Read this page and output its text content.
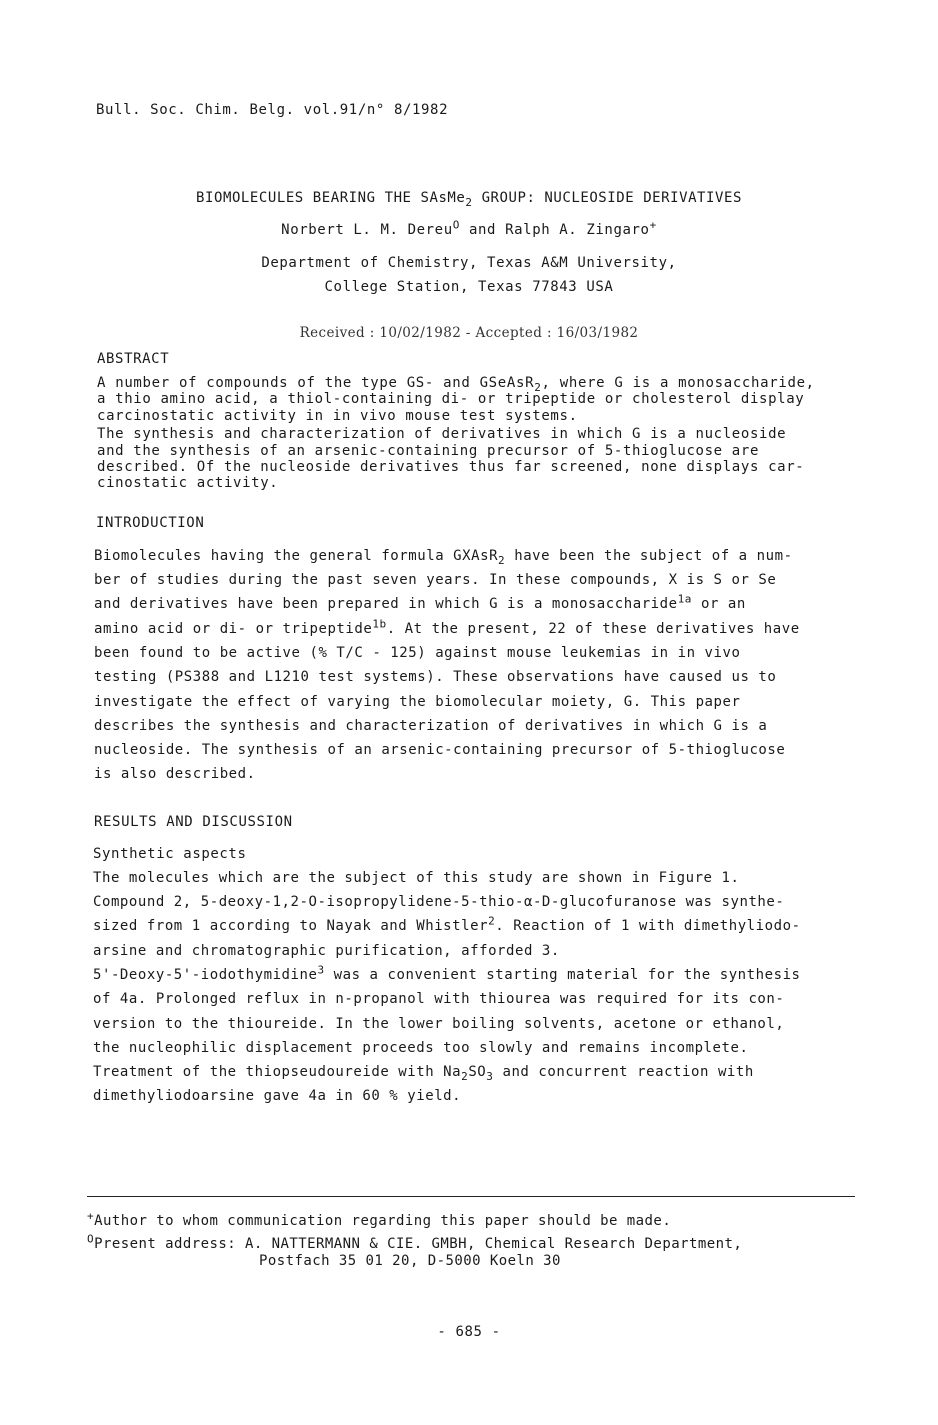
Bull. Soc. Chim. Belg. vol.91/n° 8/1982
BIOMOLECULES BEARING THE SAsMe$_2$ GROUP: NUCLEOSIDE DERIVATIVES
Norbert L. M. Dereu$^O$ and Ralph A. Zingaro+
Department of Chemistry, Texas A&M University,
College Station, Texas 77843 USA
Received : 10/02/1982 - Accepted : 16/03/1982
ABSTRACT
A number of compounds of the type GS- and GSeAsR$_2$, where G is a monosaccharide,
a thio amino acid, a thiol-containing di- or tripeptide or cholesterol display
carcinostatic activity in in vivo mouse test systems.
The synthesis and characterization of derivatives in which G is a nucleoside
and the synthesis of an arsenic-containing precursor of 5-thioglucose are
described. Of the nucleoside derivatives thus far screened, none displays car-
cinostatic activity.
INTRODUCTION
Biomolecules having the general formula GXAsR$_2$ have been the subject of a num-
ber of studies during the past seven years. In these compounds, X is S or Se
and derivatives have been prepared in which G is a monosaccharide$^{1a}$ or an
amino acid or di- or tripeptide$^{1b}$. At the present, 22 of these derivatives have
been found to be active (% T/C - 125) against mouse leukemias in in vivo
testing (PS388 and L1210 test systems). These observations have caused us to
investigate the effect of varying the biomolecular moiety, G. This paper
describes the synthesis and characterization of derivatives in which G is a
nucleoside. The synthesis of an arsenic-containing precursor of 5-thioglucose
is also described.
RESULTS AND DISCUSSION
Synthetic aspects
The molecules which are the subject of this study are shown in Figure 1.
Compound 2, 5-deoxy-1,2-O-isopropylidene-5-thio-α-D-glucofuranose was synthe-
sized from 1 according to Nayak and Whistler$^2$. Reaction of 1 with dimethyliodo-
arsine and chromatographic purification, afforded 3.
5'-Deoxy-5'-iodothymidine$^3$ was a convenient starting material for the synthesis
of 4a. Prolonged reflux in n-propanol with thiourea was required for its con-
version to the thioureide. In the lower boiling solvents, acetone or ethanol,
the nucleophilic displacement proceeds too slowly and remains incomplete.
Treatment of the thiopseudoureide with $Na_2SO_3$ and concurrent reaction with
dimethyliodoarsine gave 4a in 60 % yield.
+Author to whom communication regarding this paper should be made.
$^O$Present address: A. NATTERMANN & CIE. GMBH, Chemical Research Department,
Postfach 35 01 20, D-5000 Koeln 30
- 685 -
